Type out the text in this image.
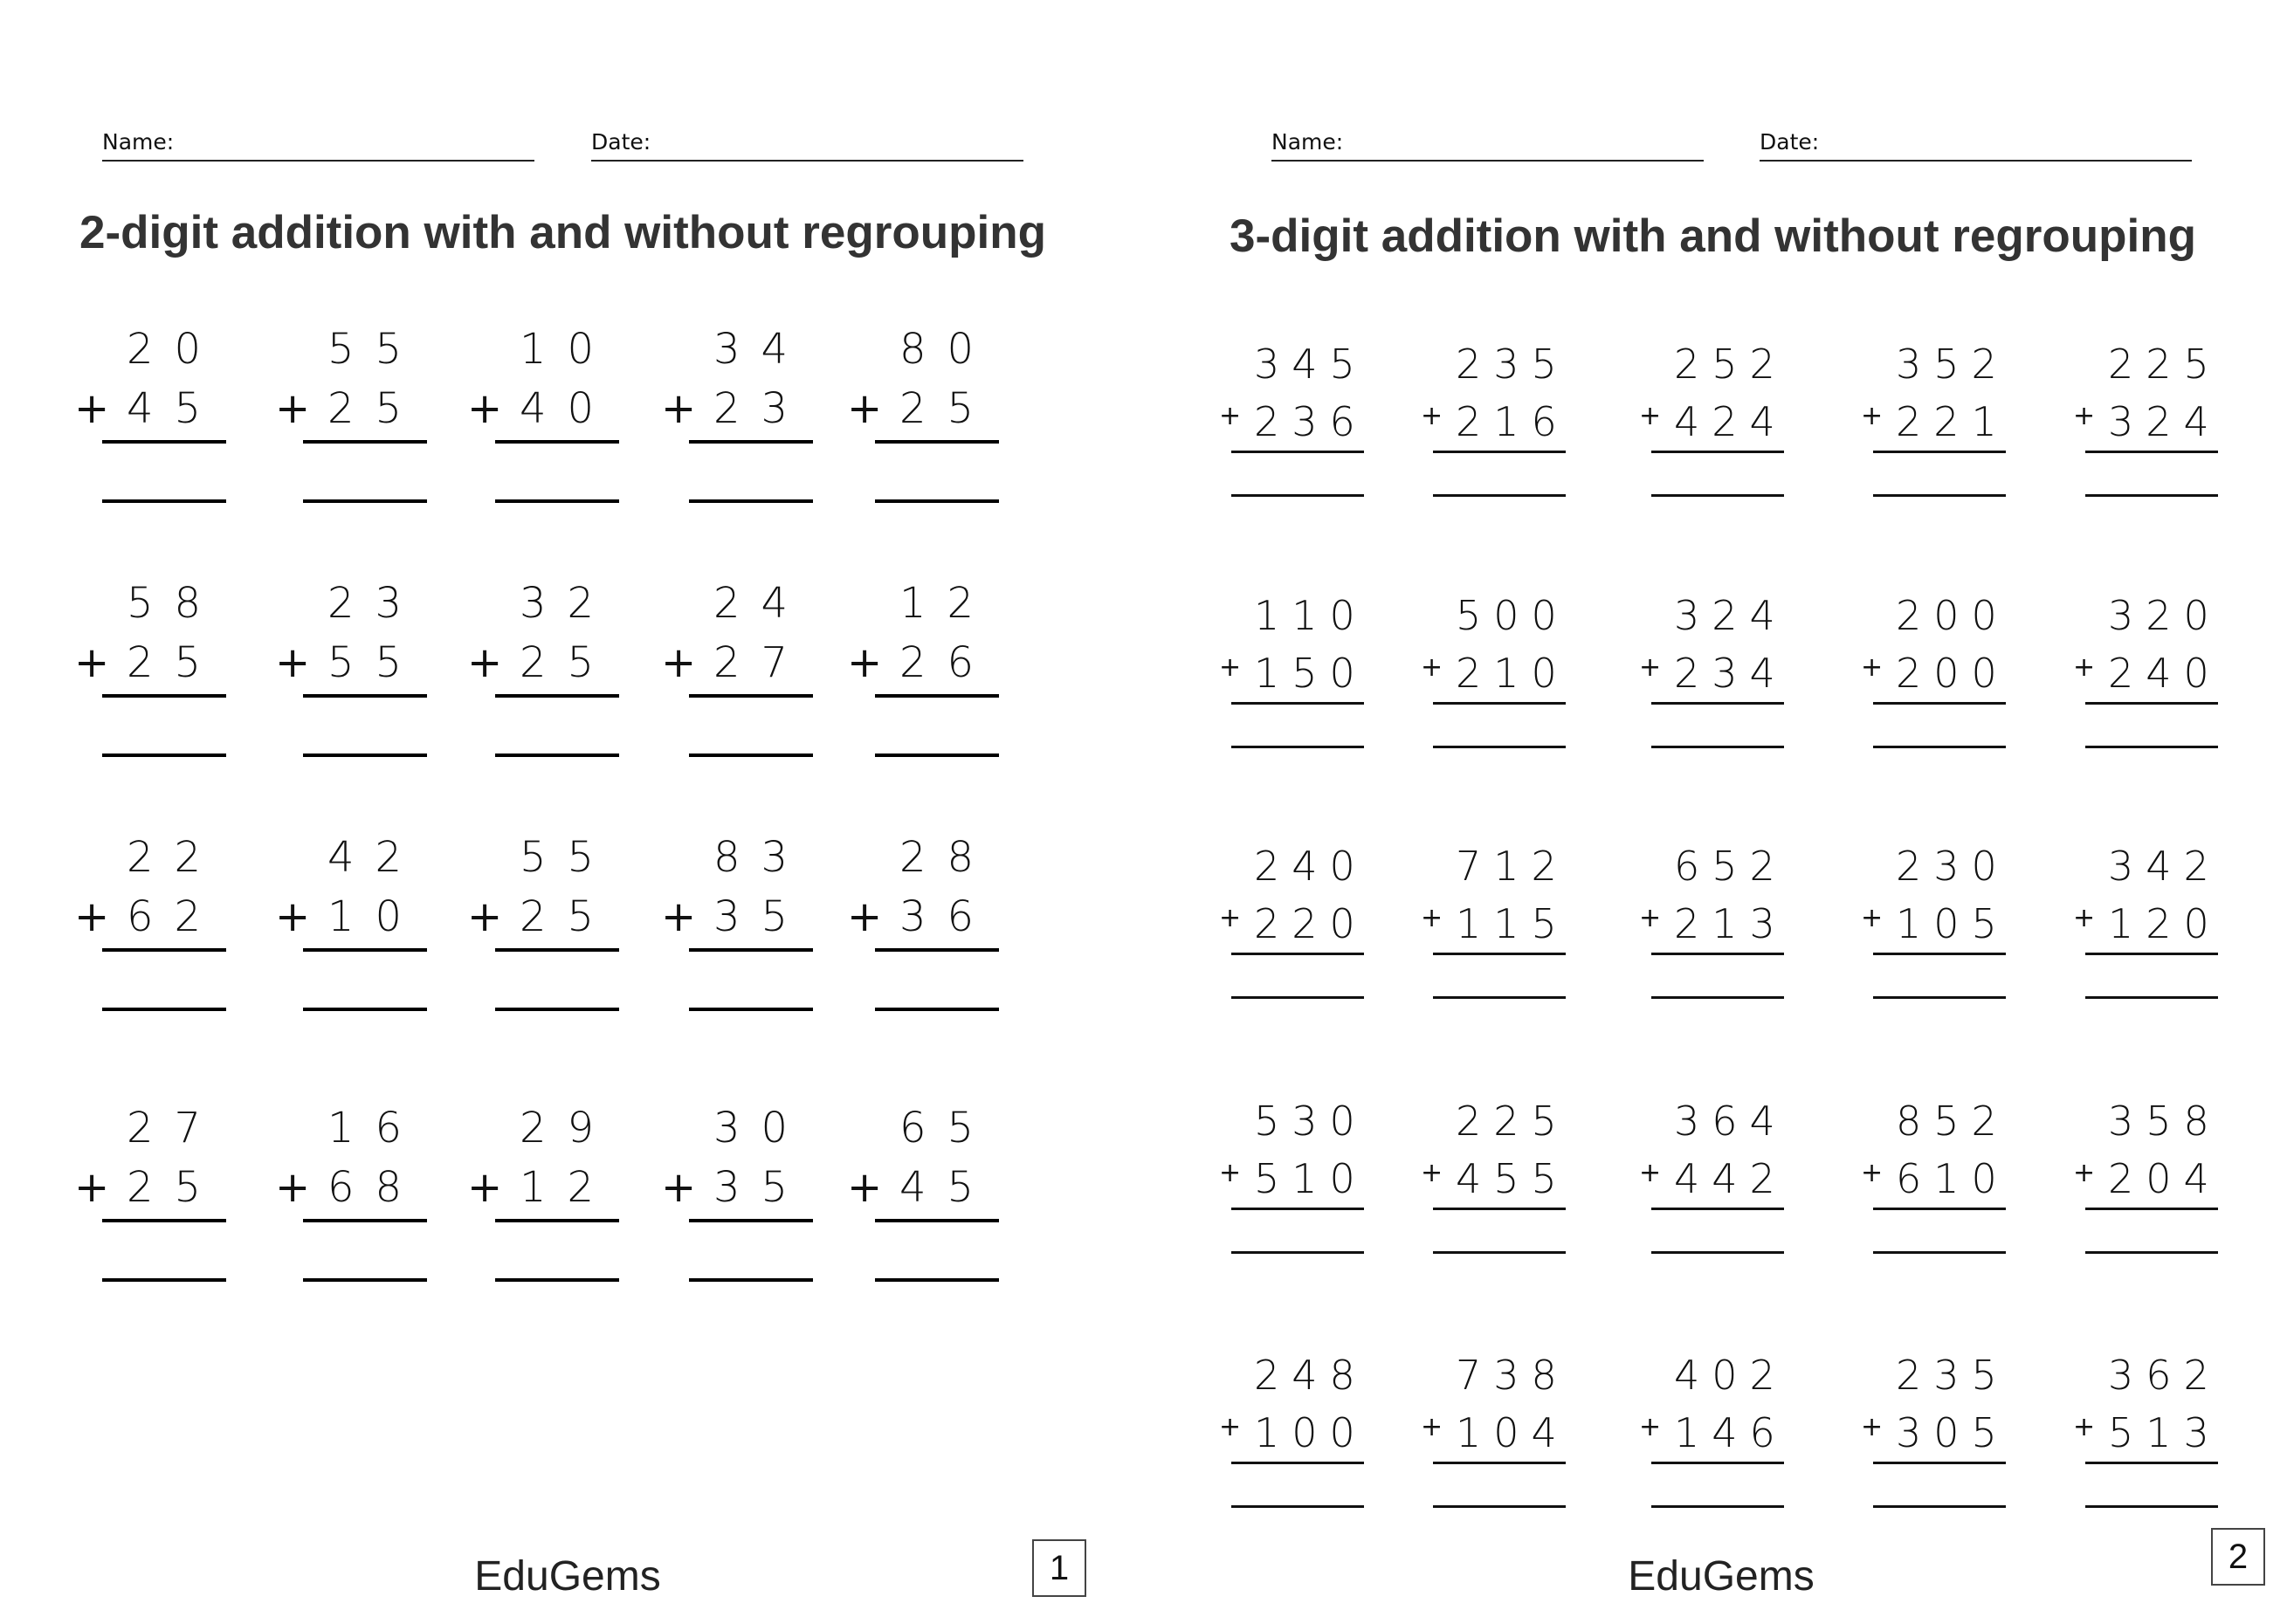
Name:	Date:
2-digit addition with and without regrouping
20
+ 45
55
+ 25
10
+ 40
34
+ 23
80
+ 25
58
+ 25
23
+ 55
32
+ 25
24
+ 27
12
+ 26
22
+ 62
42
+ 10
55
+ 25
83
+ 35
28
+ 36
27
+ 25
16
+ 68
29
+ 12
30
+ 35
65
+ 45
EduGems	1
Name:	Date:
3-digit addition with and without regrouping
345
+ 236
235
+ 216
252
+ 424
352
+ 221
225
+ 324
110
+ 150
500
+ 210
324
+ 234
200
+ 200
320
+ 240
240
+ 220
712
+ 115
652
+ 213
230
+ 105
342
+ 120
530
+ 510
225
+ 455
364
+ 442
852
+ 610
358
+ 204
248
+ 100
738
+ 104
402
+ 146
235
+ 305
362
+ 513
EduGems	2
